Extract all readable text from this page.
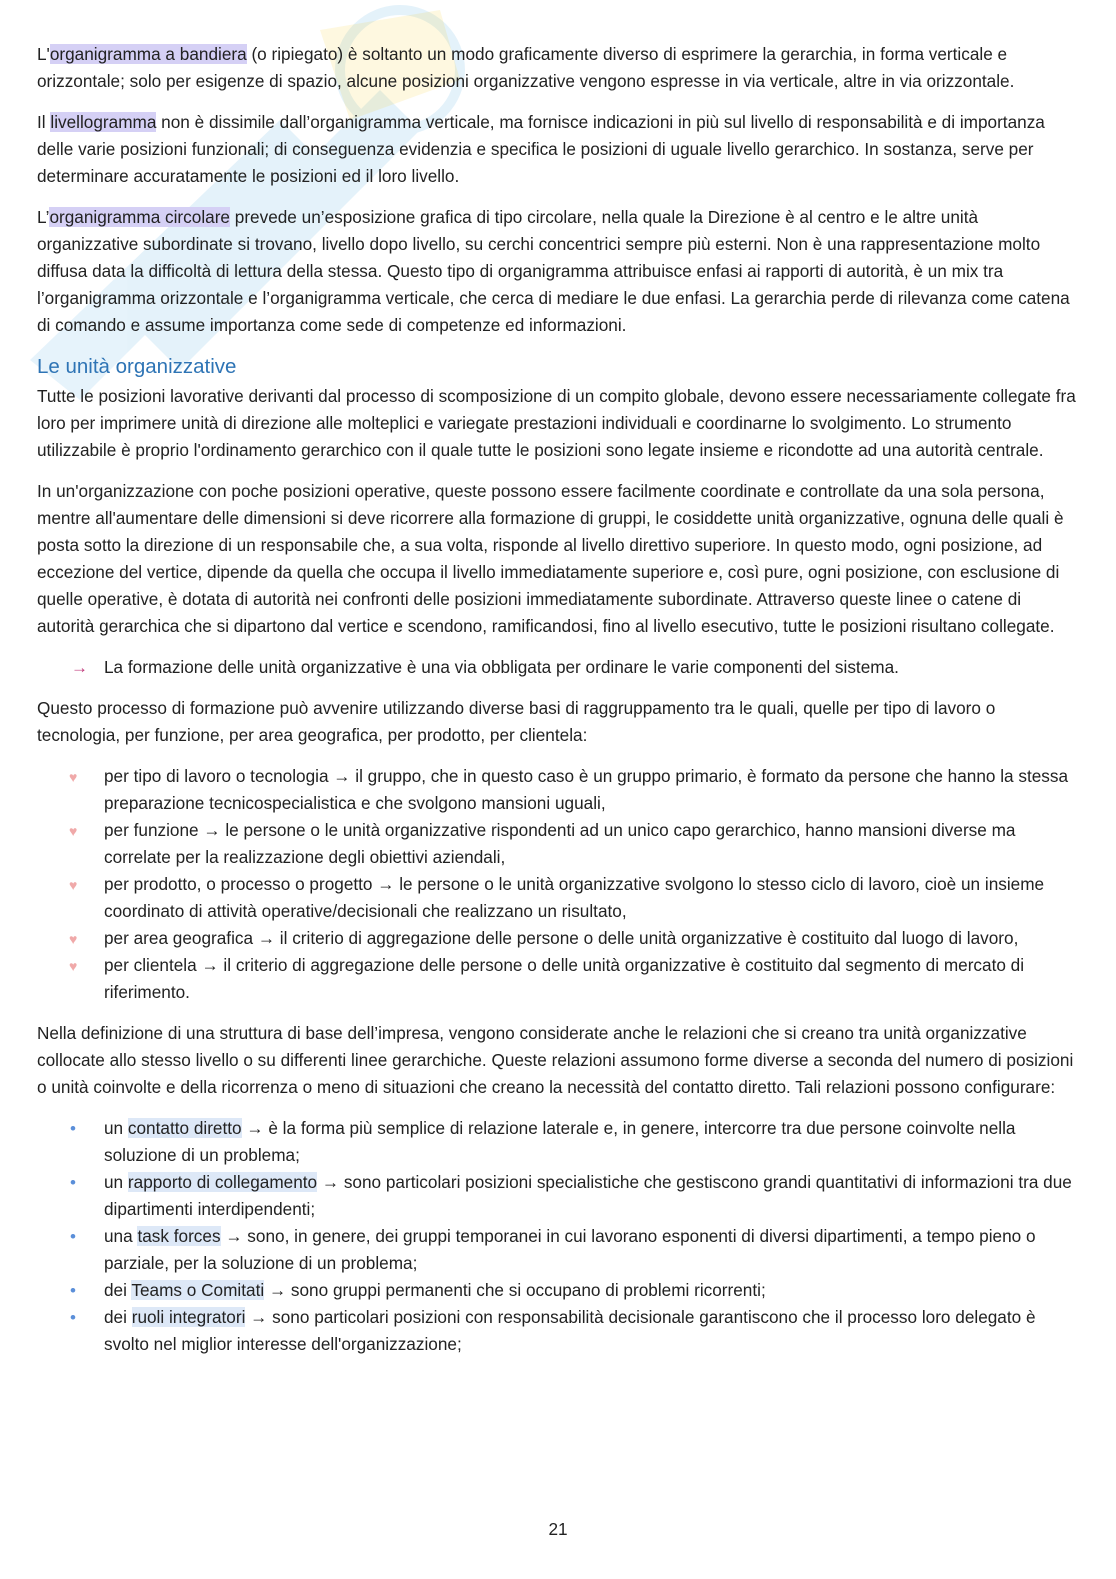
L'organigramma a bandiera (o ripiegato) è soltanto un modo graficamente diverso di esprimere la gerarchia, in forma verticale e orizzontale; solo per esigenze di spazio, alcune posizioni organizzative vengono espresse in via verticale, altre in via orizzontale.

Il livellogramma non è dissimile dall’organigramma verticale, ma fornisce indicazioni in più sul livello di responsabilità e di importanza delle varie posizioni funzionali; di conseguenza evidenzia e specifica le posizioni di uguale livello gerarchico. In sostanza, serve per determinare accuratamente le posizioni ed il loro livello.

L’organigramma circolare prevede un’esposizione grafica di tipo circolare, nella quale la Direzione è al centro e le altre unità organizzative subordinate si trovano, livello dopo livello, su cerchi concentrici sempre più esterni. Non è una rappresentazione molto diffusa data la difficoltà di lettura della stessa. Questo tipo di organigramma attribuisce enfasi ai rapporti di autorità, è un mix tra l’organigramma orizzontale e l’organigramma verticale, che cerca di mediare le due enfasi. La gerarchia perde di rilevanza come catena di comando e assume importanza come sede di competenze ed informazioni.

Le unità organizzative

Tutte le posizioni lavorative derivanti dal processo di scomposizione di un compito globale, devono essere necessariamente collegate fra loro per imprimere unità di direzione alle molteplici e variegate prestazioni individuali e coordinarne lo svolgimento. Lo strumento utilizzabile è proprio l'ordinamento gerarchico con il quale tutte le posizioni sono legate insieme e ricondotte ad una autorità centrale.

In un'organizzazione con poche posizioni operative, queste possono essere facilmente coordinate e controllate da una sola persona, mentre all'aumentare delle dimensioni si deve ricorrere alla formazione di gruppi, le cosiddette unità organizzative, ognuna delle quali è posta sotto la direzione di un responsabile che, a sua volta, risponde al livello direttivo superiore. In questo modo, ogni posizione, ad eccezione del vertice, dipende da quella che occupa il livello immediatamente superiore e, così pure, ogni posizione, con esclusione di quelle operative, è dotata di autorità nei confronti delle posizioni immediatamente subordinate. Attraverso queste linee o catene di autorità gerarchica che si dipartono dal vertice e scendono, ramificandosi, fino al livello esecutivo, tutte le posizioni risultano collegate.

→ La formazione delle unità organizzative è una via obbligata per ordinare le varie componenti del sistema.

Questo processo di formazione può avvenire utilizzando diverse basi di raggruppamento tra le quali, quelle per tipo di lavoro o tecnologia, per funzione, per area geografica, per prodotto, per clientela:

♥ per tipo di lavoro o tecnologia → il gruppo, che in questo caso è un gruppo primario, è formato da persone che hanno la stessa preparazione tecnicospecialistica e che svolgono mansioni uguali,
♥ per funzione → le persone o le unità organizzative rispondenti ad un unico capo gerarchico, hanno mansioni diverse ma correlate per la realizzazione degli obiettivi aziendali,
♥ per prodotto, o processo o progetto → le persone o le unità organizzative svolgono lo stesso ciclo di lavoro, cioè un insieme coordinato di attività operative/decisionali che realizzano un risultato,
♥ per area geografica → il criterio di aggregazione delle persone o delle unità organizzative è costituito dal luogo di lavoro,
♥ per clientela → il criterio di aggregazione delle persone o delle unità organizzative è costituito dal segmento di mercato di riferimento.

Nella definizione di una struttura di base dell’impresa, vengono considerate anche le relazioni che si creano tra unità organizzative collocate allo stesso livello o su differenti linee gerarchiche. Queste relazioni assumono forme diverse a seconda del numero di posizioni o unità coinvolte e della ricorrenza o meno di situazioni che creano la necessità del contatto diretto. Tali relazioni possono configurare:

• un contatto diretto → è la forma più semplice di relazione laterale e, in genere, intercorre tra due persone coinvolte nella soluzione di un problema;
• un rapporto di collegamento → sono particolari posizioni specialistiche che gestiscono grandi quantitativi di informazioni tra due dipartimenti interdipendenti;
• una task forces → sono, in genere, dei gruppi temporanei in cui lavorano esponenti di diversi dipartimenti, a tempo pieno o parziale, per la soluzione di un problema;
• dei Teams o Comitati → sono gruppi permanenti che si occupano di problemi ricorrenti;
• dei ruoli integratori → sono particolari posizioni con responsabilità decisionale garantiscono che il processo loro delegato è svolto nel miglior interesse dell'organizzazione;
21
